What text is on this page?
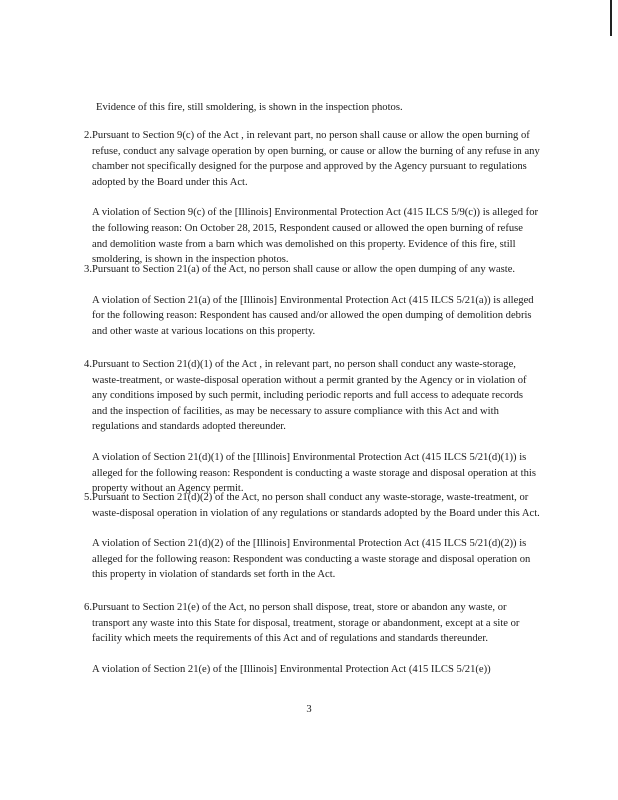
Evidence of this fire, still smoldering, is shown in the inspection photos.
2. Pursuant to Section 9(c) of the Act , in relevant part, no person shall cause or allow the open burning of refuse, conduct any salvage operation by open burning, or cause or allow the burning of any refuse in any chamber not specifically designed for the purpose and approved by the Agency pursuant to regulations adopted by the Board under this Act.
A violation of Section 9(c) of the [Illinois] Environmental Protection Act (415 ILCS 5/9(c)) is alleged for the following reason: On October 28, 2015, Respondent caused or allowed the open burning of refuse and demolition waste from a barn which was demolished on this property. Evidence of this fire, still smoldering, is shown in the inspection photos.
3. Pursuant to Section 21(a) of the Act, no person shall cause or allow the open dumping of any waste.
A violation of Section 21(a) of the [Illinois] Environmental Protection Act (415 ILCS 5/21(a)) is alleged for the following reason: Respondent has caused and/or allowed the open dumping of demolition debris and other waste at various locations on this property.
4. Pursuant to Section 21(d)(1) of the Act , in relevant part, no person shall conduct any waste-storage, waste-treatment, or waste-disposal operation without a permit granted by the Agency or in violation of any conditions imposed by such permit, including periodic reports and full access to adequate records and the inspection of facilities, as may be necessary to assure compliance with this Act and with regulations and standards adopted thereunder.
A violation of Section 21(d)(1) of the [Illinois] Environmental Protection Act (415 ILCS 5/21(d)(1)) is alleged for the following reason: Respondent is conducting a waste storage and disposal operation at this property without an Agency permit.
5. Pursuant to Section 21(d)(2) of the Act, no person shall conduct any waste-storage, waste-treatment, or waste-disposal operation in violation of any regulations or standards adopted by the Board under this Act.
A violation of Section 21(d)(2) of the [Illinois] Environmental Protection Act (415 ILCS 5/21(d)(2)) is alleged for the following reason: Respondent was conducting a waste storage and disposal operation on this property in violation of standards set forth in the Act.
6. Pursuant to Section 21(e) of the Act, no person shall dispose, treat, store or abandon any waste, or transport any waste into this State for disposal, treatment, storage or abandonment, except at a site or facility which meets the requirements of this Act and of regulations and standards thereunder.
A violation of Section 21(e) of the [Illinois] Environmental Protection Act (415 ILCS 5/21(e))
3
